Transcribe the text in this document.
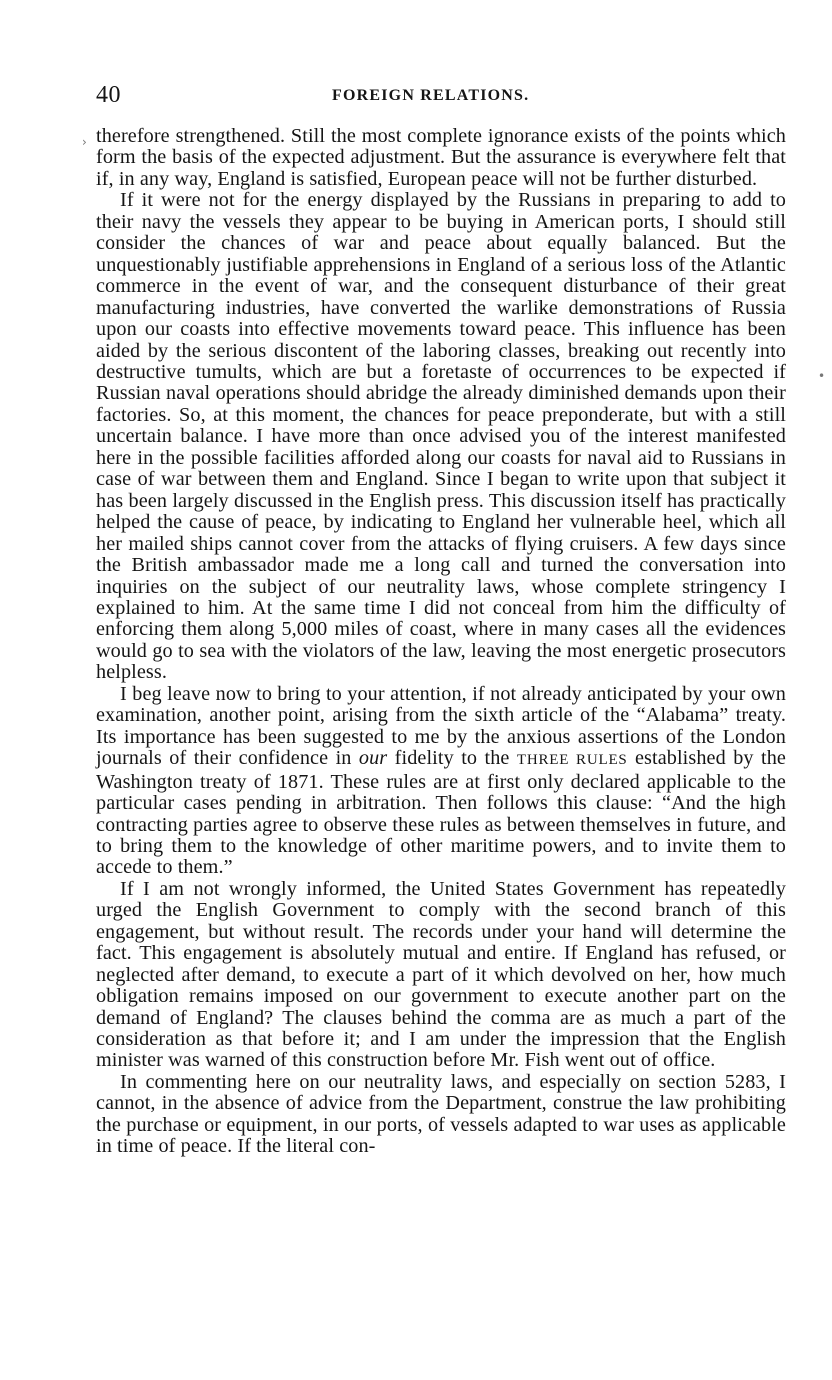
40	FOREIGN RELATIONS.
›
•

therefore strengthened. Still the most complete ignorance exists of the points which form the basis of the expected adjustment. But the assurance is everywhere felt that if, in any way, England is satisfied, European peace will not be further disturbed.

If it were not for the energy displayed by the Russians in preparing to add to their navy the vessels they appear to be buying in American ports, I should still consider the chances of war and peace about equally balanced. But the unquestionably justifiable apprehensions in England of a serious loss of the Atlantic commerce in the event of war, and the consequent disturbance of their great manufacturing industries, have converted the warlike demonstrations of Russia upon our coasts into effective movements toward peace. This influence has been aided by the serious discontent of the laboring classes, breaking out recently into destructive tumults, which are but a foretaste of occurrences to be expected if Russian naval operations should abridge the already diminished demands upon their factories. So, at this moment, the chances for peace preponderate, but with a still uncertain balance. I have more than once advised you of the interest manifested here in the possible facilities afforded along our coasts for naval aid to Russians in case of war between them and England. Since I began to write upon that subject it has been largely discussed in the English press. This discussion itself has practically helped the cause of peace, by indicating to England her vulnerable heel, which all her mailed ships cannot cover from the attacks of flying cruisers. A few days since the British ambassador made me a long call and turned the conversation into inquiries on the subject of our neutrality laws, whose complete stringency I explained to him. At the same time I did not conceal from him the difficulty of enforcing them along 5,000 miles of coast, where in many cases all the evidences would go to sea with the violators of the law, leaving the most energetic prosecutors helpless.

I beg leave now to bring to your attention, if not already anticipated by your own examination, another point, arising from the sixth article of the “Alabama” treaty. Its importance has been suggested to me by the anxious assertions of the London journals of their confidence in our fidelity to the THREE RULES established by the Washington treaty of 1871. These rules are at first only declared applicable to the particular cases pending in arbitration. Then follows this clause: “And the high contracting parties agree to observe these rules as between themselves in future, and to bring them to the knowledge of other maritime powers, and to invite them to accede to them.”

If I am not wrongly informed, the United States Government has repeatedly urged the English Government to comply with the second branch of this engagement, but without result. The records under your hand will determine the fact. This engagement is absolutely mutual and entire. If England has refused, or neglected after demand, to execute a part of it which devolved on her, how much obligation remains imposed on our government to execute another part on the demand of England? The clauses behind the comma are as much a part of the consideration as that before it; and I am under the impression that the English minister was warned of this construction before Mr. Fish went out of office.

In commenting here on our neutrality laws, and especially on section 5283, I cannot, in the absence of advice from the Department, construe the law prohibiting the purchase or equipment, in our ports, of vessels adapted to war uses as applicable in time of peace. If the literal con-
